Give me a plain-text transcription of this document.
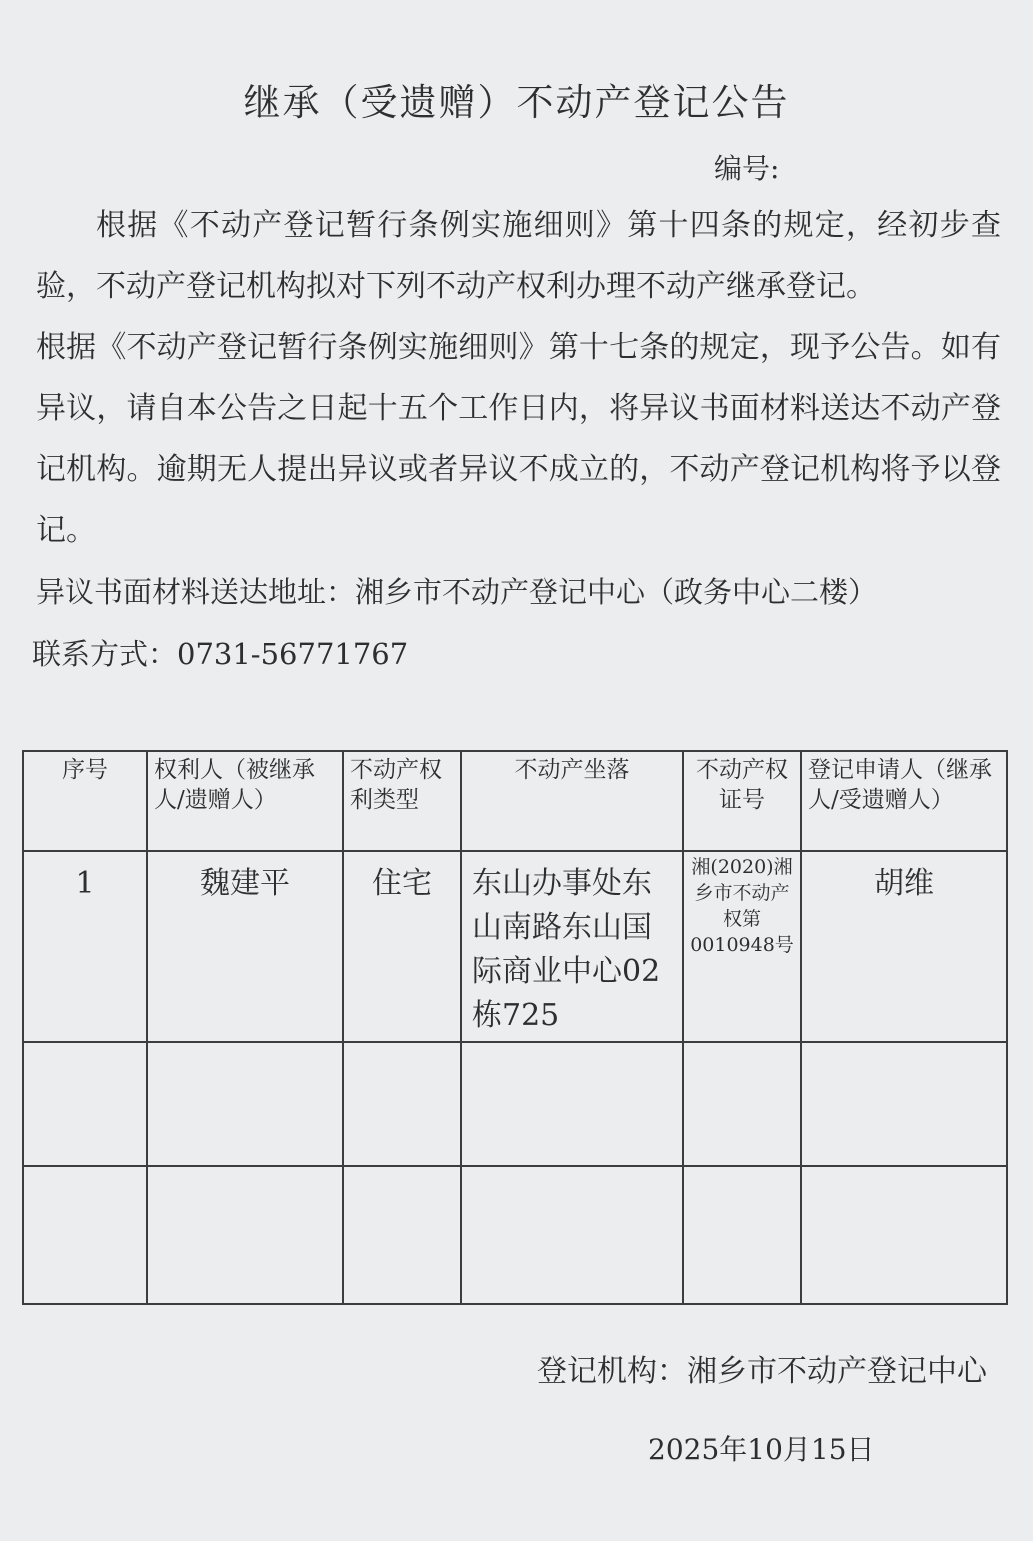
继承（受遗赠）不动产登记公告
编号:

根据《不动产登记暂行条例实施细则》第十四条的规定，经初步查验，不动产登记机构拟对下列不动产权利办理不动产继承登记。

根据《不动产登记暂行条例实施细则》第十七条的规定，现予公告。如有异议，请自本公告之日起十五个工作日内，将异议书面材料送达不动产登记机构。逾期无人提出异议或者异议不成立的，不动产登记机构将予以登记。

异议书面材料送达地址：湘乡市不动产登记中心（政务中心二楼）
联系方式：0731-56771767
序号	权利人（被继承人/遗赠人）	不动产权利类型	不动产坐落	不动产权证号	登记申请人（继承人/受遗赠人）
1	魏建平	住宅	东山办事处东山南路东山国际商业中心02栋725	湘(2020)湘乡市不动产权第0010948号	胡维

登记机构：湘乡市不动产登记中心
2025年10月15日
